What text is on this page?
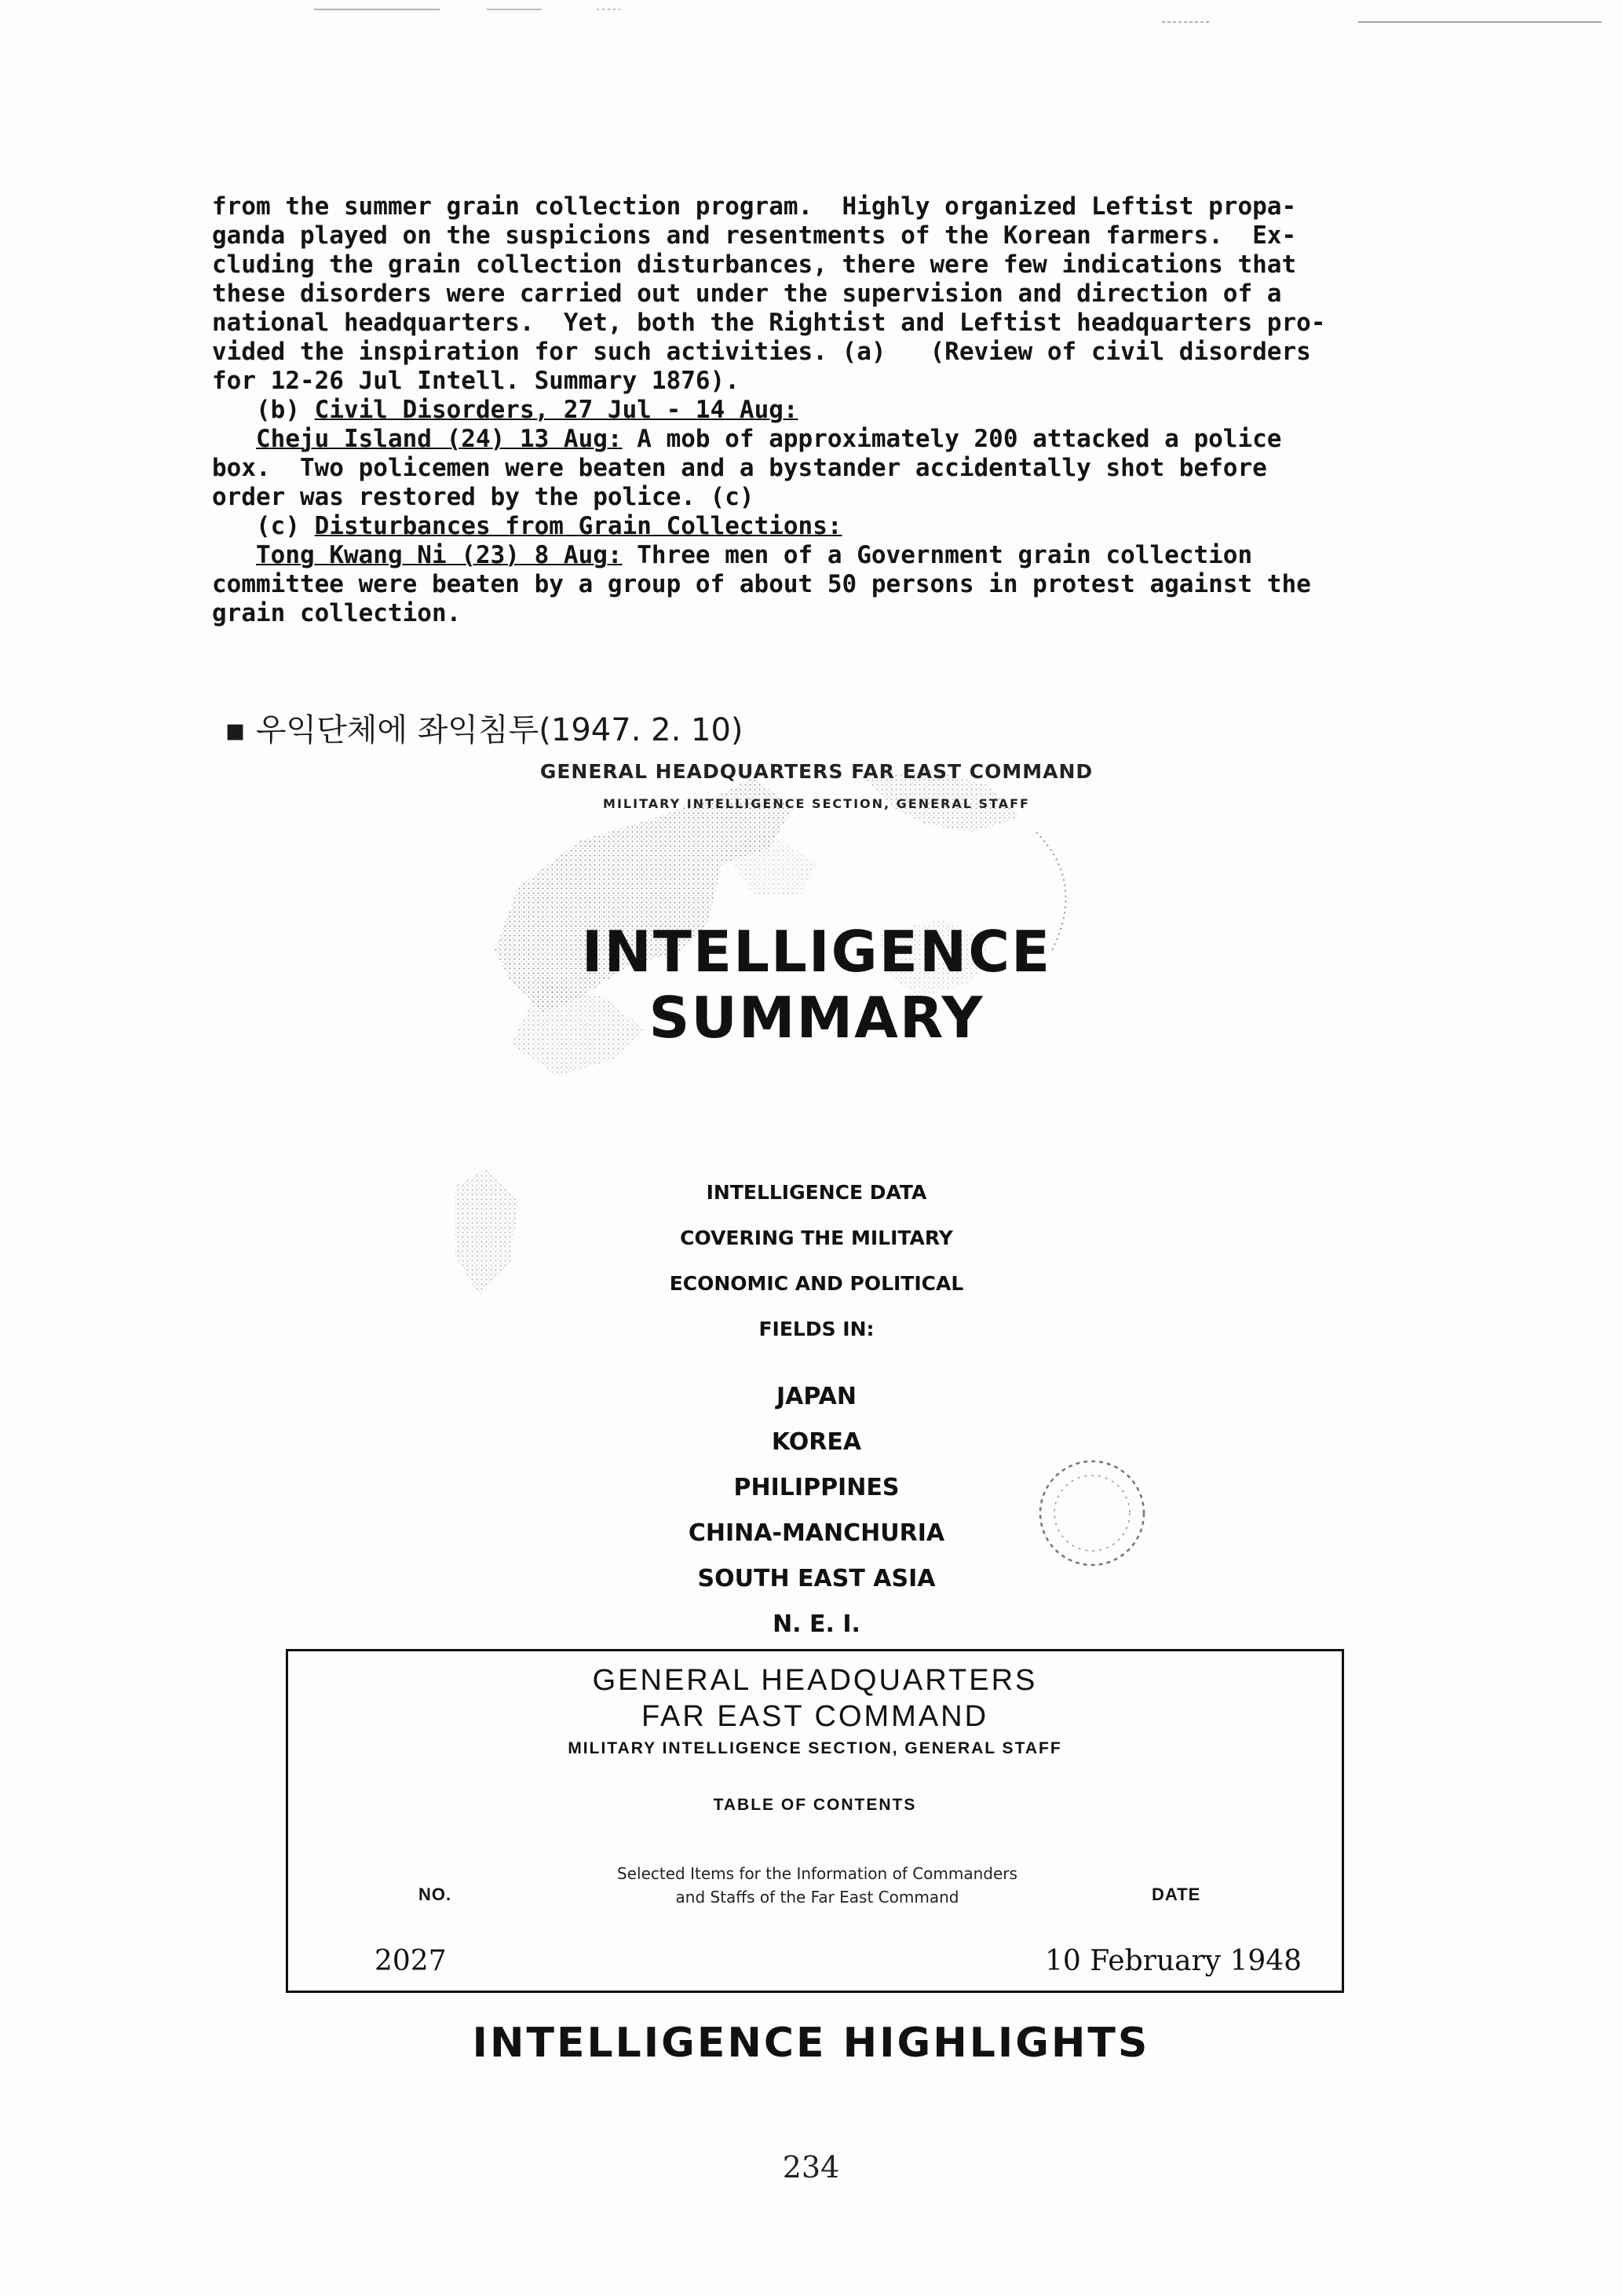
from the summer grain collection program.  Highly organized Leftist propa-

ganda played on the suspicions and resentments of the Korean farmers.  Ex-

cluding the grain collection disturbances, there were few indications that

these disorders were carried out under the supervision and direction of a

national headquarters.  Yet, both the Rightist and Leftist headquarters pro-

vided the inspiration for such activities. (a)   (Review of civil disorders

for 12-26 Jul Intell. Summary 1876).

(b) Civil Disorders, 27 Jul - 14 Aug:

Cheju Island (24) 13 Aug: A mob of approximately 200 attacked a police

box.  Two policemen were beaten and a bystander accidentally shot before

order was restored by the police. (c)

(c) Disturbances from Grain Collections:

Tong Kwang Ni (23) 8 Aug: Three men of a Government grain collection

committee were beaten by a group of about 50 persons in protest against the

grain collection.

▪ 우익단체에 좌익침투(1947. 2. 10)
GENERAL HEADQUARTERS FAR EAST COMMAND
MILITARY INTELLIGENCE SECTION, GENERAL STAFF
INTELLIGENCE SUMMARY
INTELLIGENCE DATA
COVERING THE MILITARY
ECONOMIC AND POLITICAL
FIELDS IN:
JAPAN
KOREA
PHILIPPINES
CHINA-MANCHURIA
SOUTH EAST ASIA
N. E. I.
GENERAL HEADQUARTERS
FAR EAST COMMAND
MILITARY INTELLIGENCE SECTION, GENERAL STAFF
TABLE OF CONTENTS
NO.
Selected Items for the Information of Commanders
and Staffs of the Far East Command	DATE
2027	10 February 1948
INTELLIGENCE HIGHLIGHTS
234
